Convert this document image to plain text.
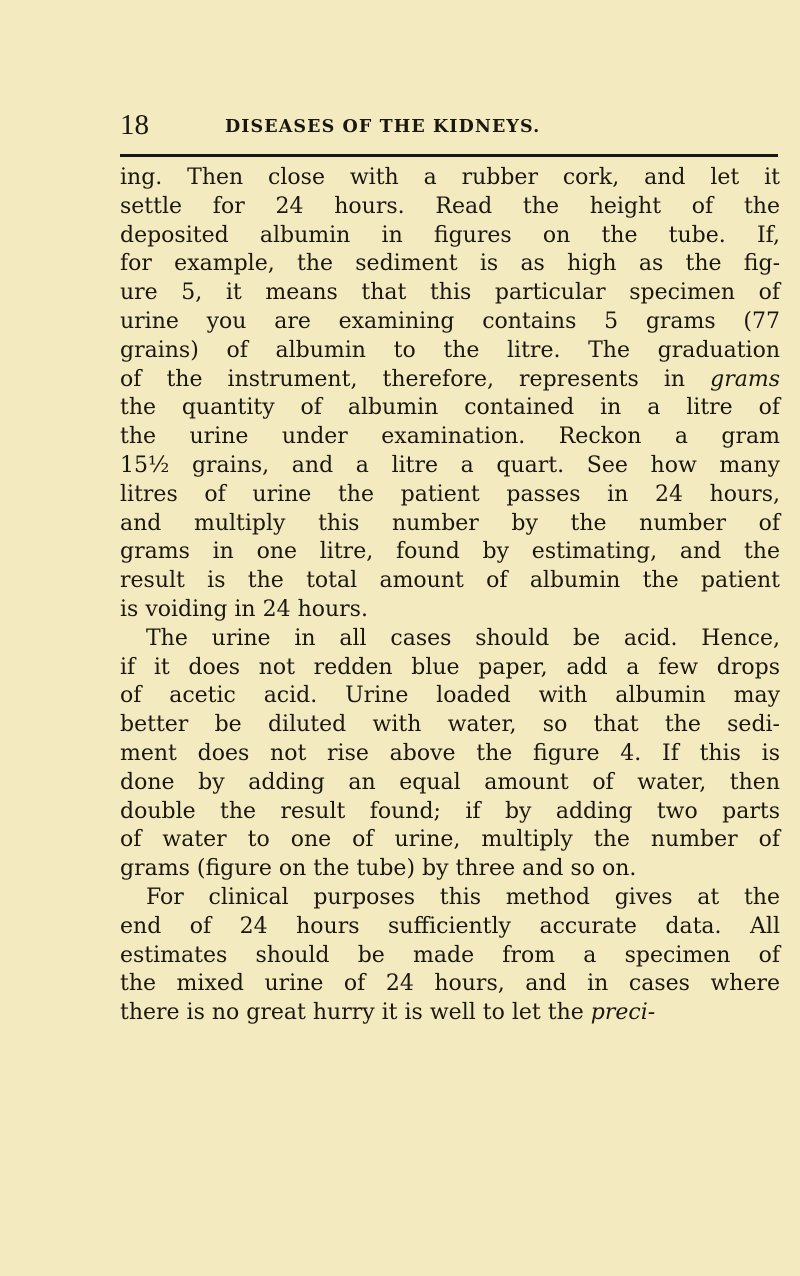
18	DISEASES OF THE KIDNEYS.
ing. Then close with a rubber cork, and let it
settle for 24 hours. Read the height of the
deposited albumin in figures on the tube. If,
for example, the sediment is as high as the fig-
ure 5, it means that this particular specimen of
urine you are examining contains 5 grams (77
grains) of albumin to the litre. The graduation
of the instrument, therefore, represents in grams
the quantity of albumin contained in a litre of
the urine under examination. Reckon a gram
15½ grains, and a litre a quart. See how many
litres of urine the patient passes in 24 hours,
and multiply this number by the number of
grams in one litre, found by estimating, and the
result is the total amount of albumin the patient
is voiding in 24 hours.
The urine in all cases should be acid. Hence,
if it does not redden blue paper, add a few drops
of acetic acid. Urine loaded with albumin may
better be diluted with water, so that the sedi-
ment does not rise above the figure 4. If this is
done by adding an equal amount of water, then
double the result found; if by adding two parts
of water to one of urine, multiply the number of
grams (figure on the tube) by three and so on.
For clinical purposes this method gives at the
end of 24 hours sufficiently accurate data. All
estimates should be made from a specimen of
the mixed urine of 24 hours, and in cases where
there is no great hurry it is well to let the preci-
